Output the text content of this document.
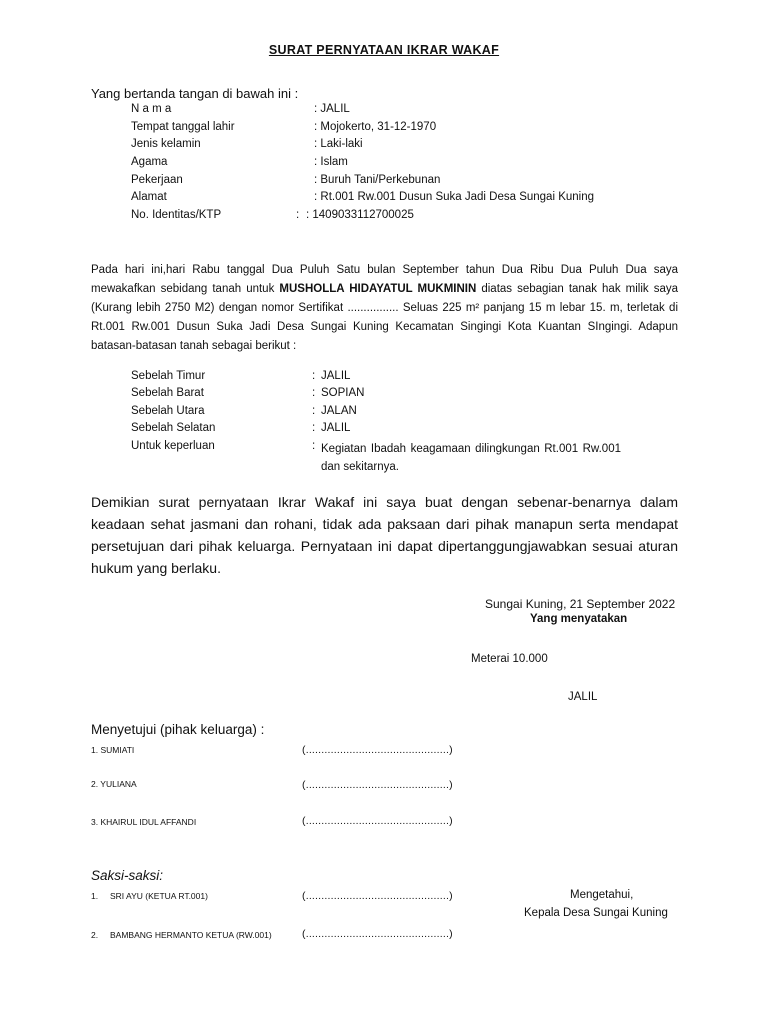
SURAT PERNYATAAN IKRAR WAKAF
Yang bertanda tangan di bawah ini :
N a m a	: JALIL
Tempat tanggal lahir	: Mojokerto, 31-12-1970
Jenis kelamin	: Laki-laki
Agama	: Islam
Pekerjaan	: Buruh Tani/Perkebunan
Alamat	: Rt.001 Rw.001 Dusun Suka Jadi Desa Sungai Kuning
No. Identitas/KTP	: : 1409033112700025
Pada hari ini,hari Rabu tanggal Dua Puluh Satu bulan September tahun Dua Ribu Dua Puluh Dua saya mewakafkan sebidang tanah untuk MUSHOLLA HIDAYATUL MUKMININ diatas sebagian tanak hak milik saya (Kurang lebih 2750 M2) dengan nomor Sertifikat ................ Seluas 225 m² panjang 15 m lebar 15. m, terletak di Rt.001 Rw.001 Dusun Suka Jadi Desa Sungai Kuning Kecamatan Singingi Kota Kuantan SIngingi. Adapun batasan-batasan tanah sebagai berikut :
Sebelah Timur	: JALIL
Sebelah Barat	: SOPIAN
Sebelah Utara	: JALAN
Sebelah Selatan	: JALIL
Untuk keperluan	: Kegiatan Ibadah keagamaan dilingkungan Rt.001 Rw.001 dan sekitarnya.
Demikian surat pernyataan Ikrar Wakaf ini saya buat dengan sebenar-benarnya dalam keadaan sehat jasmani dan rohani, tidak ada paksaan dari pihak manapun serta mendapat persetujuan dari pihak keluarga. Pernyataan ini dapat dipertanggungjawabkan sesuai aturan hukum yang berlaku.
Sungai Kuning, 21 September 2022
Yang menyatakan
Meterai 10.000
JALIL
Menyetujui (pihak keluarga) :
1. SUMIATI	(..............................................)
2. YULIANA	(..............................................)
3. KHAIRUL IDUL AFFANDI	(..............................................)
Saksi-saksi:
1. SRI AYU (KETUA RT.001)	(..............................................)
2. BAMBANG HERMANTO KETUA (RW.001)	(..............................................)
Mengetahui,
Kepala Desa Sungai Kuning
